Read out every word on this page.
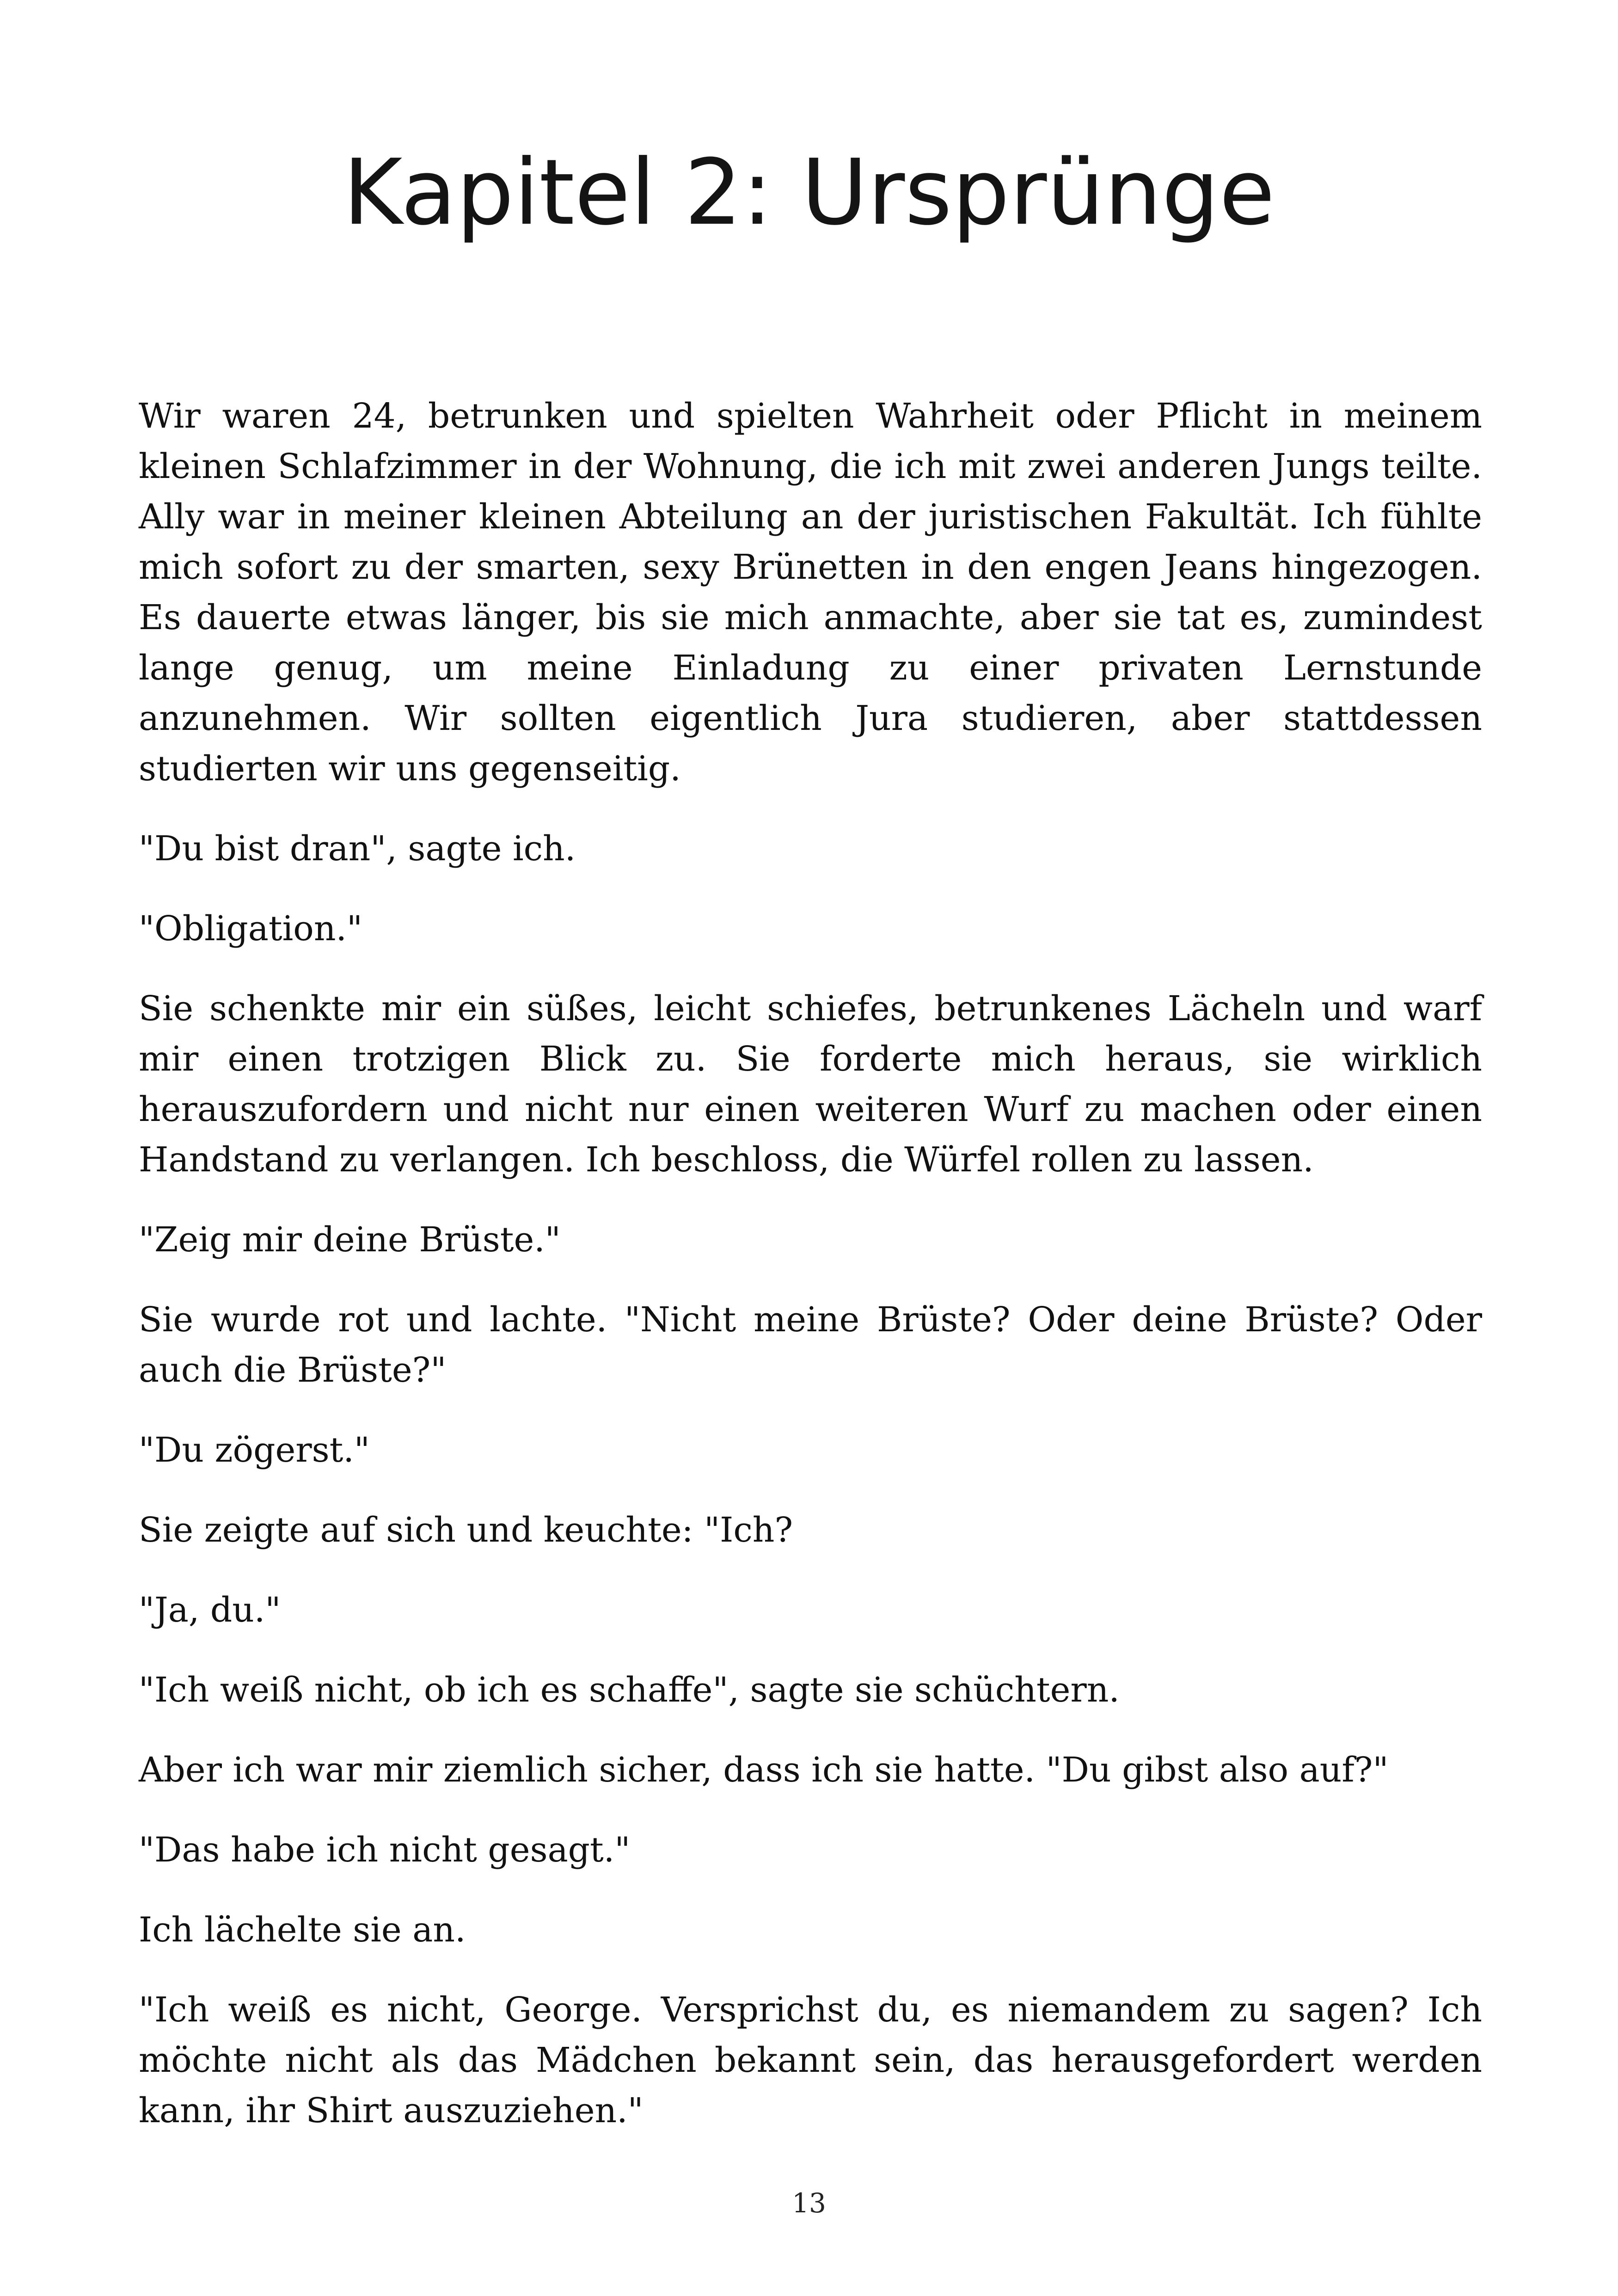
Kapitel 2: Ursprünge

Wir waren 24, betrunken und spielten Wahrheit oder Pflicht in meinem kleinen Schlafzimmer in der Wohnung, die ich mit zwei anderen Jungs teilte. Ally war in meiner kleinen Abteilung an der juristischen Fakultät. Ich fühlte mich sofort zu der smarten, sexy Brünetten in den engen Jeans hingezogen. Es dauerte etwas länger, bis sie mich anmachte, aber sie tat es, zumindest lange genug, um meine Einladung zu einer privaten Lernstunde anzunehmen. Wir sollten eigentlich Jura studieren, aber stattdessen studierten wir uns gegenseitig.

"Du bist dran", sagte ich.

"Obligation."

Sie schenkte mir ein süßes, leicht schiefes, betrunkenes Lächeln und warf mir einen trotzigen Blick zu. Sie forderte mich heraus, sie wirklich herauszufordern und nicht nur einen weiteren Wurf zu machen oder einen Handstand zu verlangen. Ich beschloss, die Würfel rollen zu lassen.

"Zeig mir deine Brüste."

Sie wurde rot und lachte. "Nicht meine Brüste? Oder deine Brüste? Oder auch die Brüste?"

"Du zögerst."

Sie zeigte auf sich und keuchte: "Ich?

"Ja, du."

"Ich weiß nicht, ob ich es schaffe", sagte sie schüchtern.

Aber ich war mir ziemlich sicher, dass ich sie hatte. "Du gibst also auf?"

"Das habe ich nicht gesagt."

Ich lächelte sie an.

"Ich weiß es nicht, George. Versprichst du, es niemandem zu sagen? Ich möchte nicht als das Mädchen bekannt sein, das herausgefordert werden kann, ihr Shirt auszuziehen."

13
